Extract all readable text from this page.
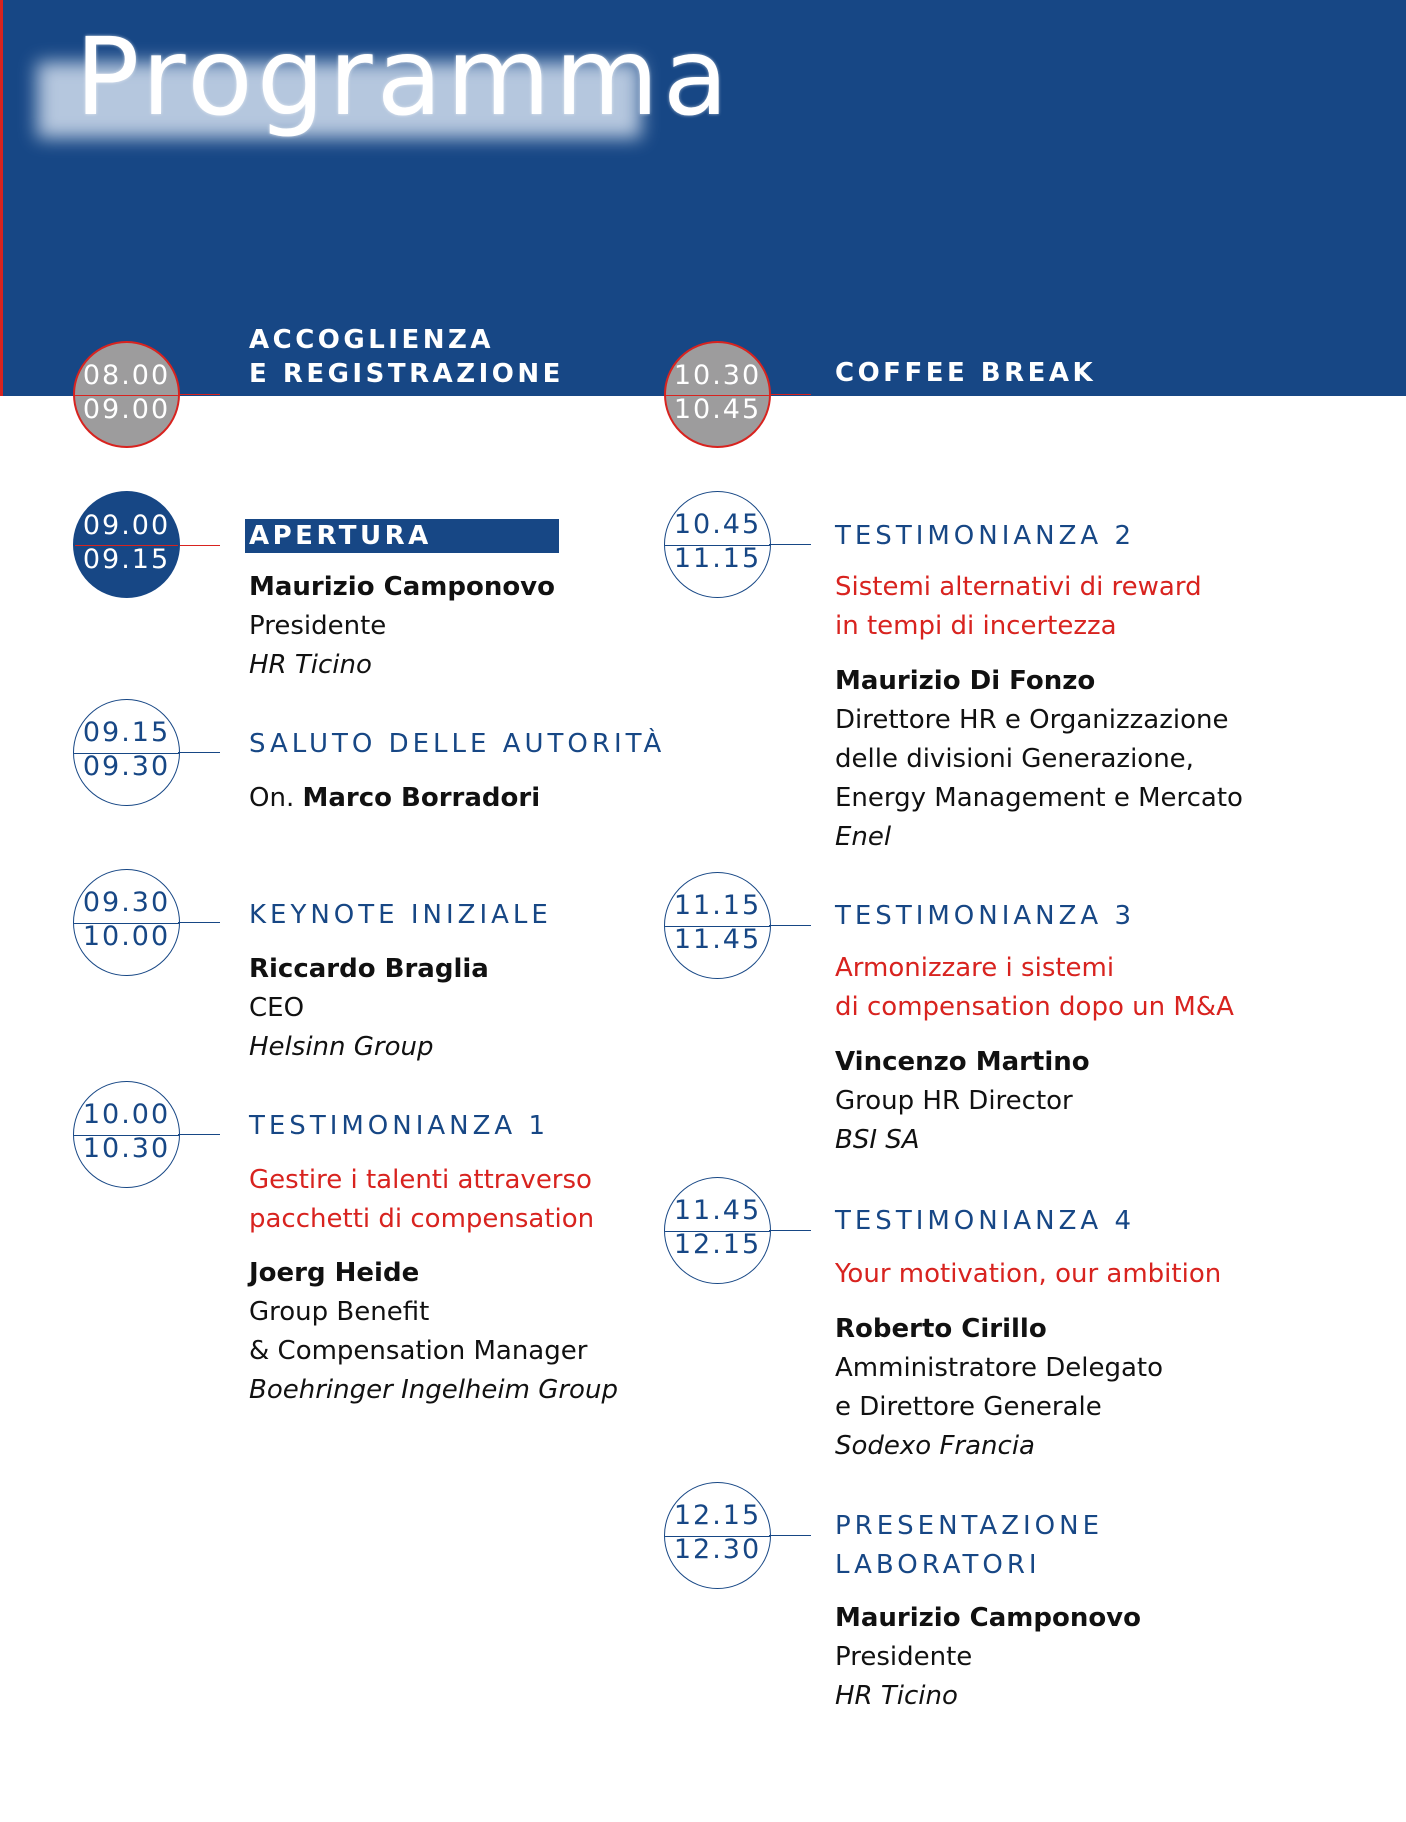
Programma
08.00
09.00
ACCOGLIENZA
E REGISTRAZIONE
09.00
09.15
APERTURA
Maurizio Camponovo
Presidente
HR Ticino
09.15
09.30
SALUTO DELLE AUTORITÀ
On. Marco Borradori
09.30
10.00
KEYNOTE INIZIALE
Riccardo Braglia
CEO
Helsinn Group
10.00
10.30
TESTIMONIANZA 1
Gestire i talenti attraverso
pacchetti di compensation
Joerg Heide
Group Benefit
& Compensation Manager
Boehringer Ingelheim Group
10.30
10.45
COFFEE BREAK
10.45
11.15
TESTIMONIANZA 2
Sistemi alternativi di reward
in tempi di incertezza
Maurizio Di Fonzo
Direttore HR e Organizzazione
delle divisioni Generazione,
Energy Management e Mercato
Enel
11.15
11.45
TESTIMONIANZA 3
Armonizzare i sistemi
di compensation dopo un M&A
Vincenzo Martino
Group HR Director
BSI SA
11.45
12.15
TESTIMONIANZA 4
Your motivation, our ambition
Roberto Cirillo
Amministratore Delegato
e Direttore Generale
Sodexo Francia
12.15
12.30
PRESENTAZIONE
LABORATORI
Maurizio Camponovo
Presidente
HR Ticino
